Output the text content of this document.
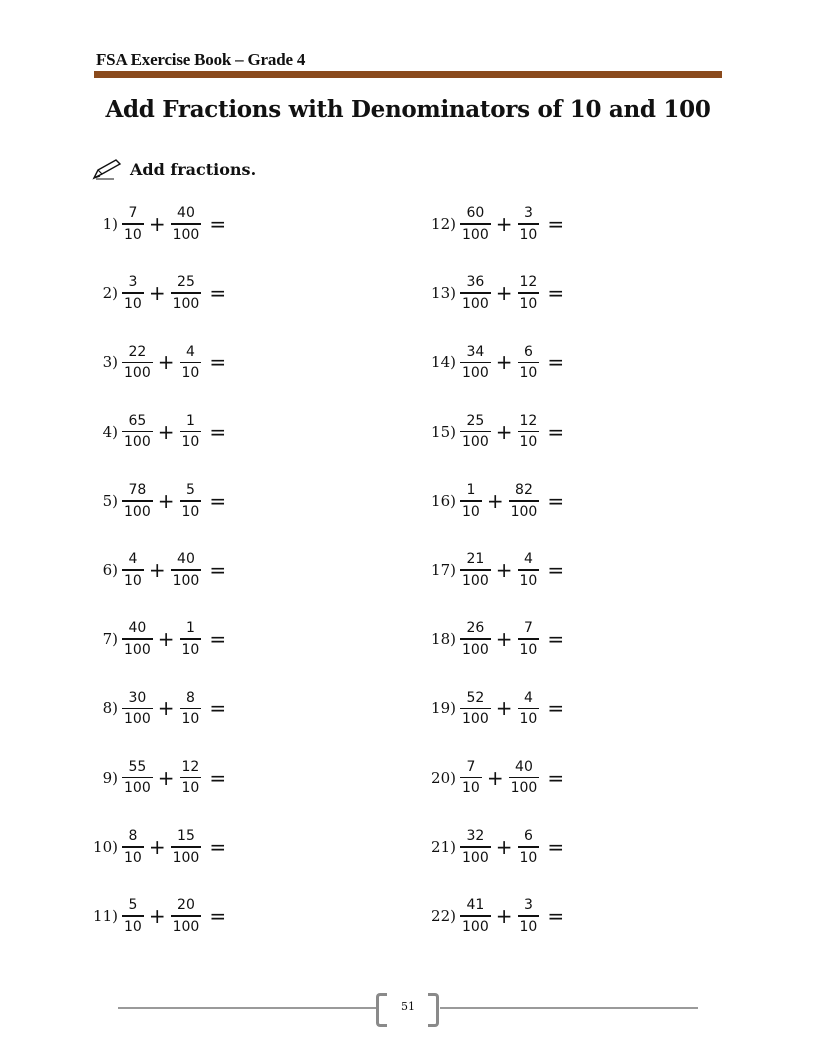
FSA Exercise Book – Grade 4
Add Fractions with Denominators of 10 and 100
Add fractions.
$1) \frac{7}{10} + \frac{40}{100}$ =
$2) \frac{3}{10} + \frac{25}{100}$ =
$3) \frac{22}{100} + \frac{4}{10}$ =
$4) \frac{65}{100} + \frac{1}{10}$ =
$5) \frac{78}{100} + \frac{5}{10}$ =
$6) \frac{4}{10} + \frac{40}{100}$ =
$7) \frac{40}{100} + \frac{1}{10}$ =
$8) \frac{30}{100} + \frac{8}{10}$ =
$9) \frac{55}{100} + \frac{12}{10}$ =
$10) \frac{8}{10} + \frac{15}{100}$ =
$11) \frac{5}{10} + \frac{20}{100}$ =
$12) \frac{60}{100} + \frac{3}{10}$ =
$13) \frac{36}{100} + \frac{12}{10}$ =
$14) \frac{34}{100} + \frac{6}{10}$ =
$15) \frac{25}{100} + \frac{12}{10}$ =
$16) \frac{1}{10} + \frac{82}{100}$ =
$17) \frac{21}{100} + \frac{4}{10}$ =
$18) \frac{26}{100} + \frac{7}{10}$ =
$19) \frac{52}{100} + \frac{4}{10}$ =
$20) \frac{7}{10} + \frac{40}{100}$ =
$21) \frac{32}{100} + \frac{6}{10}$ =
$22) \frac{41}{100} + \frac{3}{10}$ =
51
